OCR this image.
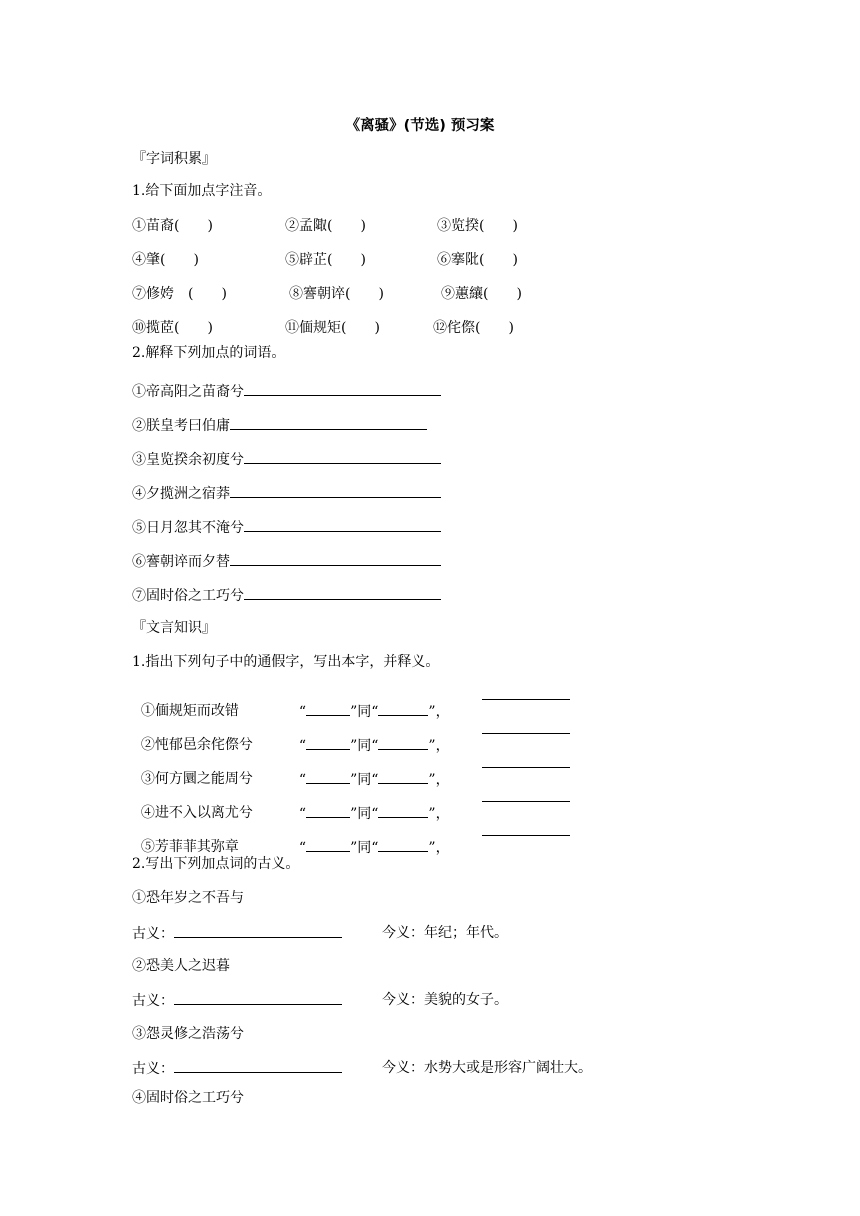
《离骚》(节选) 预习案
『字词积累』
1.给下面加点字注音。
①苗裔(　　)	②孟陬(　　)	③览揆(　　)
④肇(　　)	⑤辟芷(　　)	⑥搴阰(　　)
⑦修姱　(　　)	⑧謇朝谇(　　)	⑨蕙纕(　　)
⑩揽茝(　　)	⑪偭规矩(　　)	⑫侘傺(　　)
2.解释下列加点的词语。
①帝高阳之苗裔兮
②朕皇考曰伯庸
③皇览揆余初度兮
④夕揽洲之宿莽
⑤日月忽其不淹兮
⑥謇朝谇而夕替
⑦固时俗之工巧兮
『文言知识』
1.指出下列句子中的通假字，写出本字，并释义。

①偭规矩而改错	“	”同“	”，

②忳郁邑余侘傺兮	“	”同“	”，

③何方圜之能周兮	“	”同“	”，

④进不入以离尤兮	“	”同“	”，

⑤芳菲菲其弥章	“	”同“	”，

2.写出下列加点词的古义。
①恐年岁之不吾与
古义：	今义：年纪；年代。
②恐美人之迟暮
古义：	今义：美貌的女子。
③怨灵修之浩荡兮
古义：	今义：水势大或是形容广阔壮大。
④固时俗之工巧兮
